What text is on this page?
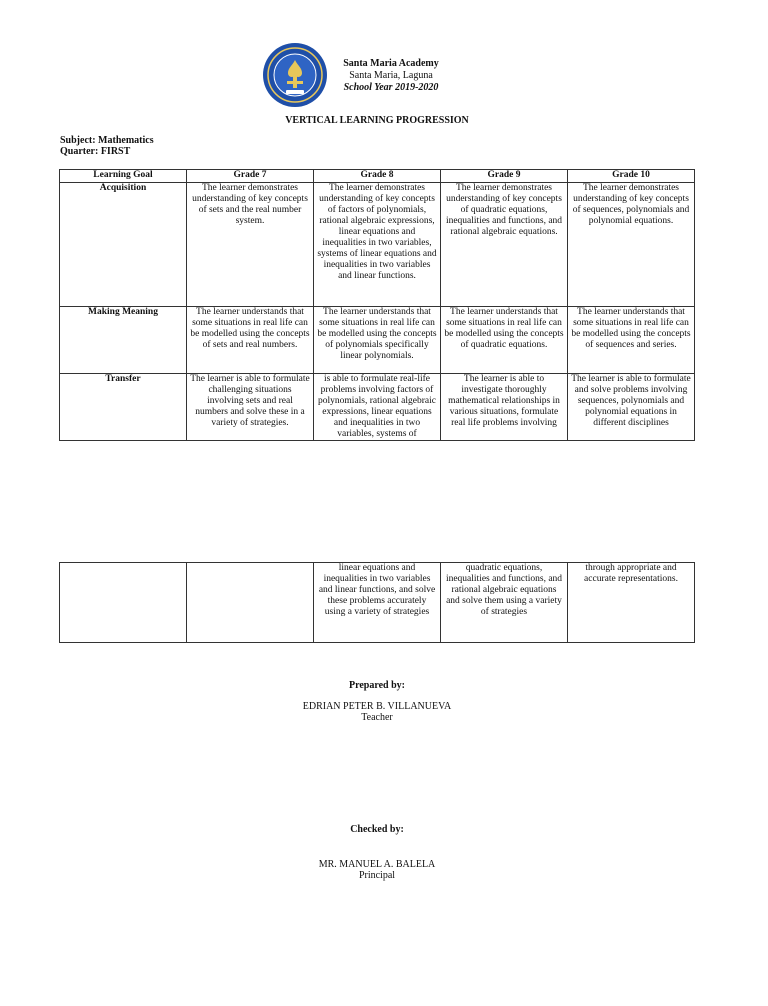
Santa Maria Academy
Santa Maria, Laguna
School Year 2019-2020
VERTICAL LEARNING PROGRESSION
Subject: Mathematics
Quarter: FIRST
Learning Goal	Grade 7	Grade 8	Grade 9	Grade 10
Acquisition	The learner demonstrates understanding of key concepts of sets and the real number system.	The learner demonstrates understanding of key concepts of factors of polynomials, rational algebraic expressions, linear equations and inequalities in two variables, systems of linear equations and inequalities in two variables and linear functions.	The learner demonstrates understanding of key concepts of quadratic equations, inequalities and functions, and rational algebraic equations.	The learner demonstrates understanding of key concepts of sequences, polynomials and polynomial equations.
Making Meaning	The learner understands that some situations in real life can be modelled using the concepts of sets and real numbers.	The learner understands that some situations in real life can be modelled using the concepts of polynomials specifically linear polynomials.	The learner understands that some situations in real life can be modelled using the concepts of quadratic equations.	The learner understands that some situations in real life can be modelled using the concepts of sequences and series.
Transfer	The learner is able to formulate challenging situations involving sets and real numbers and solve these in a variety of strategies.	is able to formulate real-life problems involving factors of polynomials, rational algebraic expressions, linear equations and inequalities in two variables, systems of	The learner is able to investigate thoroughly mathematical relationships in various situations, formulate real life problems involving	The learner is able to formulate and solve problems involving sequences, polynomials and polynomial equations in different disciplines
		linear equations and inequalities in two variables and linear functions, and solve these problems accurately using a variety of strategies	quadratic equations, inequalities and functions, and rational algebraic equations and solve them using a variety of strategies	through appropriate and accurate representations.
Prepared by:
EDRIAN PETER B. VILLANUEVA
Teacher
Checked by:
MR. MANUEL A. BALELA
Principal
